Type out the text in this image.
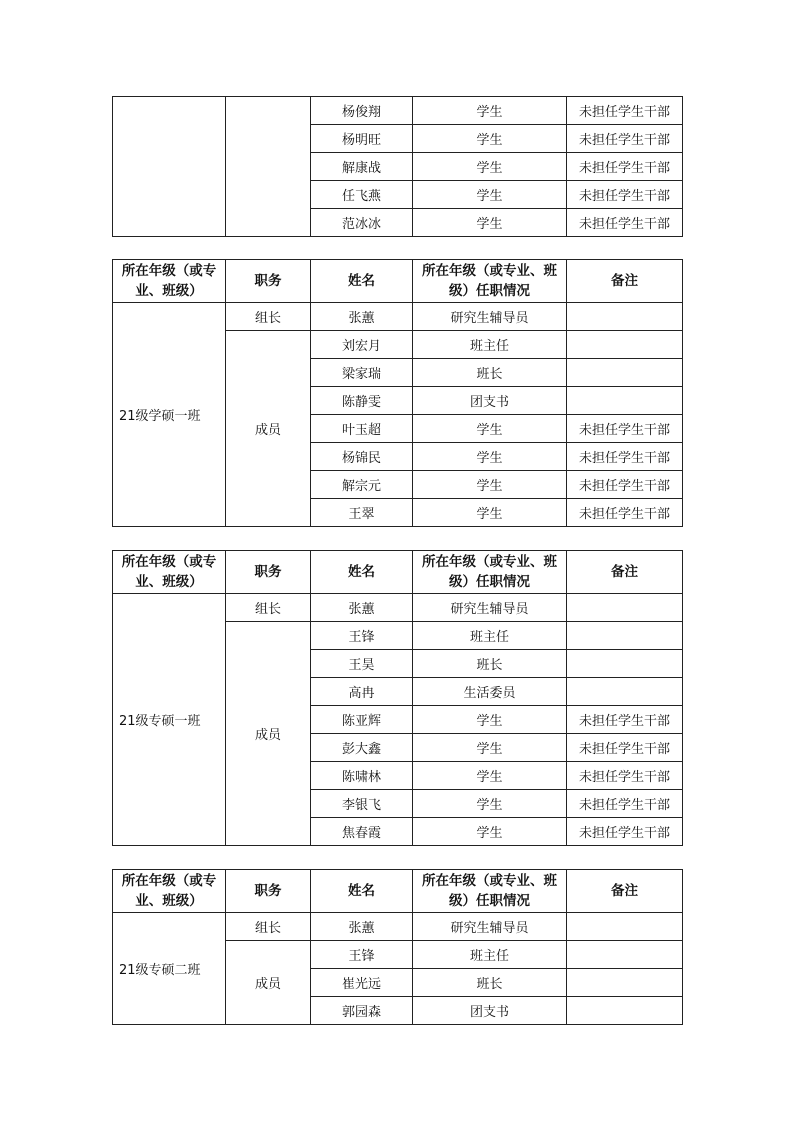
		杨俊翔	学生	未担任学生干部
		杨明旺	学生	未担任学生干部
		解康战	学生	未担任学生干部
		任飞燕	学生	未担任学生干部
		范冰冰	学生	未担任学生干部
所在年级（或专业、班级）	职务	姓名	所在年级（或专业、班级）任职情况	备注
21级学硕一班	组长	张蕙	研究生辅导员	
	成员	刘宏月	班主任	
		梁家瑞	班长	
		陈静雯	团支书	
		叶玉超	学生	未担任学生干部
		杨锦民	学生	未担任学生干部
		解宗元	学生	未担任学生干部
		王翠	学生	未担任学生干部
所在年级（或专业、班级）	职务	姓名	所在年级（或专业、班级）任职情况	备注
21级专硕一班	组长	张蕙	研究生辅导员	
	成员	王锋	班主任	
		王昊	班长	
		高冉	生活委员	
		陈亚辉	学生	未担任学生干部
		彭大鑫	学生	未担任学生干部
		陈啸林	学生	未担任学生干部
		李银飞	学生	未担任学生干部
		焦春霞	学生	未担任学生干部
所在年级（或专业、班级）	职务	姓名	所在年级（或专业、班级）任职情况	备注
21级专硕二班	组长	张蕙	研究生辅导员	
	成员	王锋	班主任	
		崔光远	班长	
		郭园森	团支书	
